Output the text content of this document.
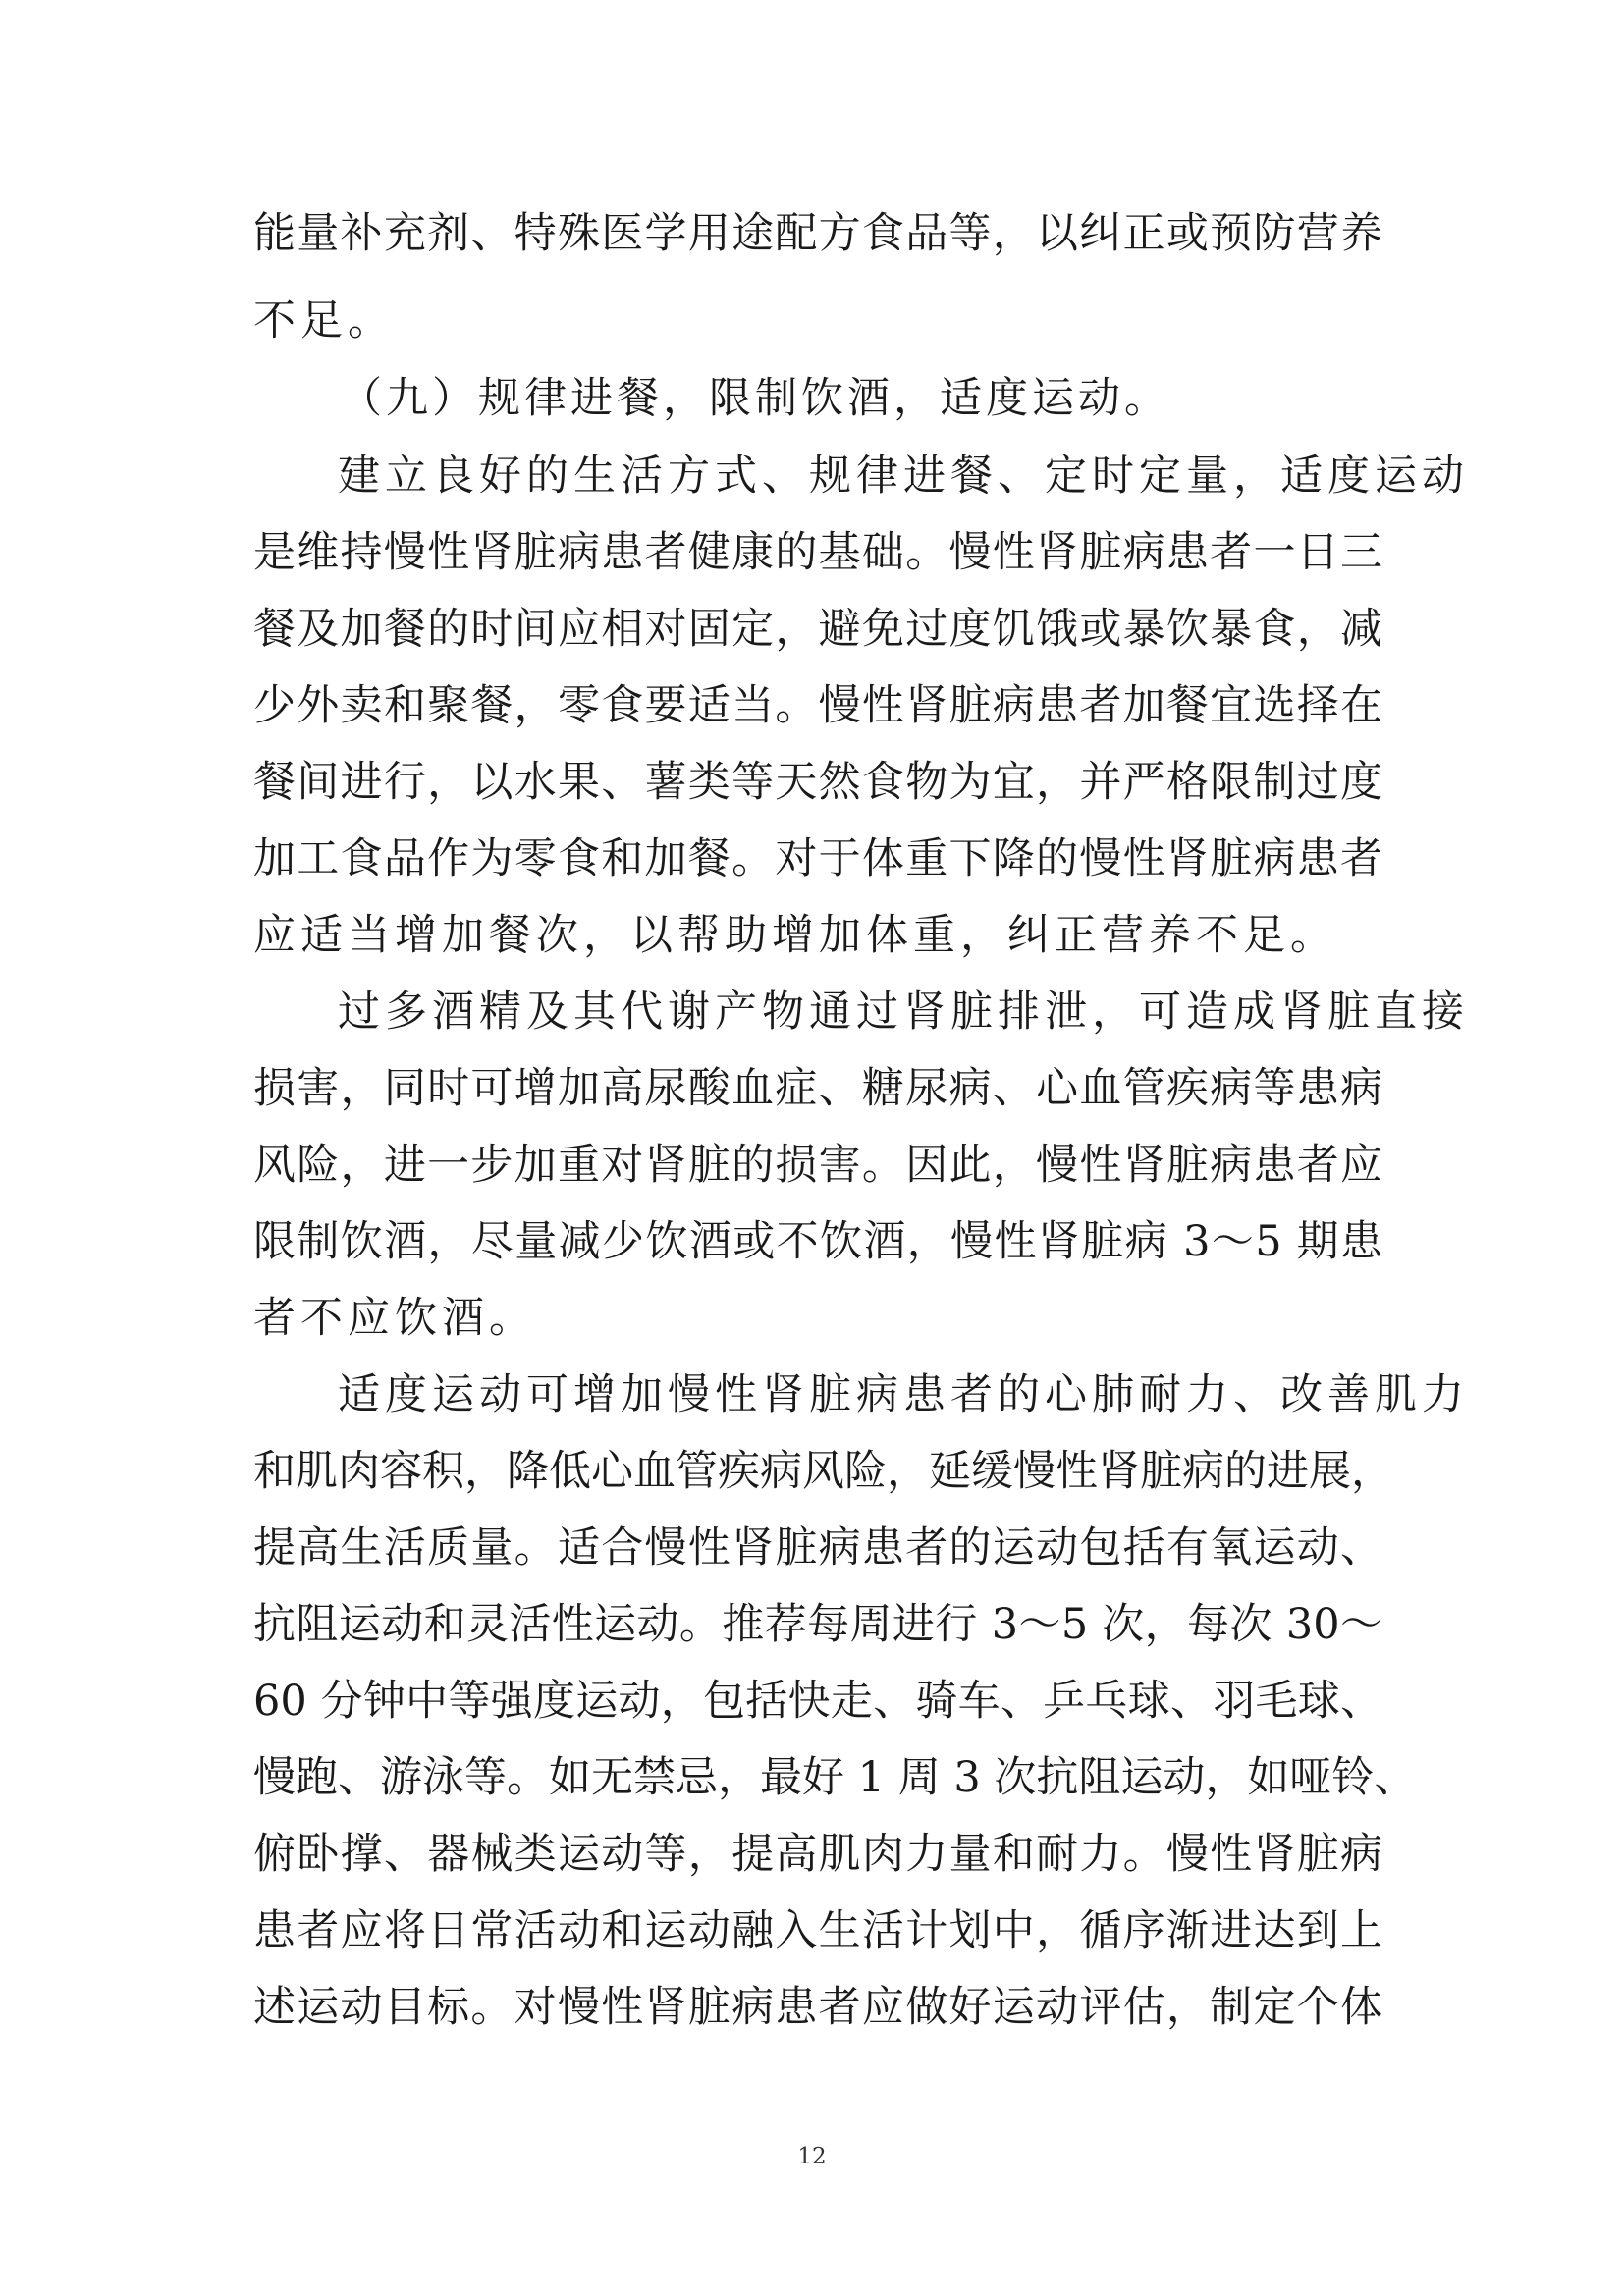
能量补充剂、特殊医学用途配方食品等，以纠正或预防营养

不足。

（九）规律进餐，限制饮酒，适度运动。

建立良好的生活方式、规律进餐、定时定量，适度运动

是维持慢性肾脏病患者健康的基础。慢性肾脏病患者一日三

餐及加餐的时间应相对固定，避免过度饥饿或暴饮暴食，减

少外卖和聚餐，零食要适当。慢性肾脏病患者加餐宜选择在

餐间进行，以水果、薯类等天然食物为宜，并严格限制过度

加工食品作为零食和加餐。对于体重下降的慢性肾脏病患者

应适当增加餐次，以帮助增加体重，纠正营养不足。

过多酒精及其代谢产物通过肾脏排泄，可造成肾脏直接

损害，同时可增加高尿酸血症、糖尿病、心血管疾病等患病

风险，进一步加重对肾脏的损害。因此，慢性肾脏病患者应

限制饮酒，尽量减少饮酒或不饮酒，慢性肾脏病 3～5 期患

者不应饮酒。

适度运动可增加慢性肾脏病患者的心肺耐力、改善肌力

和肌肉容积，降低心血管疾病风险，延缓慢性肾脏病的进展，

提高生活质量。适合慢性肾脏病患者的运动包括有氧运动、

抗阻运动和灵活性运动。推荐每周进行 3～5 次，每次 30～

60 分钟中等强度运动，包括快走、骑车、乒乓球、羽毛球、

慢跑、游泳等。如无禁忌，最好 1 周 3 次抗阻运动，如哑铃、

俯卧撑、器械类运动等，提高肌肉力量和耐力。慢性肾脏病

患者应将日常活动和运动融入生活计划中，循序渐进达到上

述运动目标。对慢性肾脏病患者应做好运动评估，制定个体

12
